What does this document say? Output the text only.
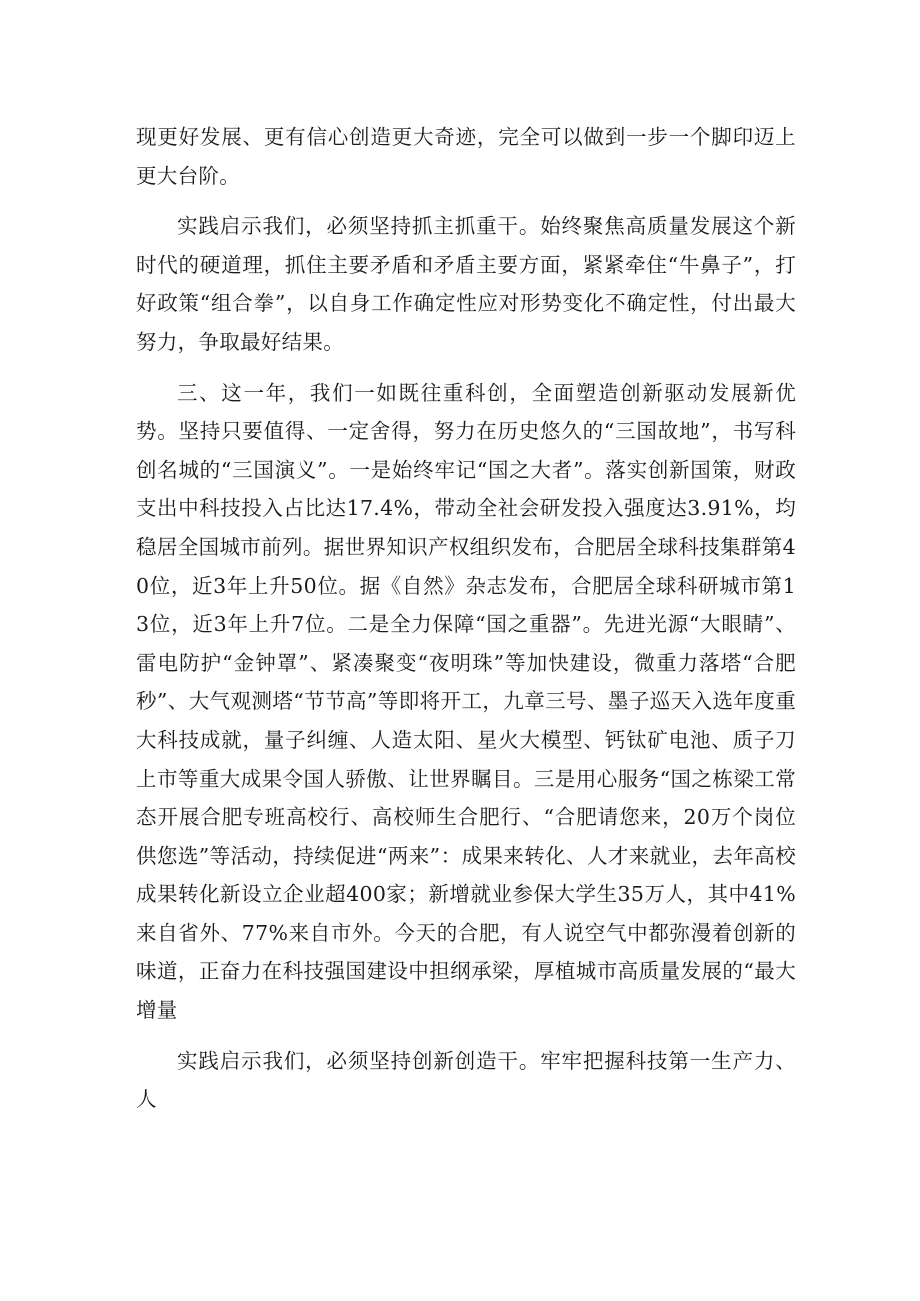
现更好发展、更有信心创造更大奇迹，完全可以做到一步一个脚印迈上更大台阶。

实践启示我们，必须坚持抓主抓重干。始终聚焦高质量发展这个新时代的硬道理，抓住主要矛盾和矛盾主要方面，紧紧牵住“牛鼻子”，打好政策“组合拳”，以自身工作确定性应对形势变化不确定性，付出最大努力，争取最好结果。

三、这一年，我们一如既往重科创，全面塑造创新驱动发展新优势。坚持只要值得、一定舍得，努力在历史悠久的“三国故地”，书写科创名城的“三国演义”。一是始终牢记“国之大者”。落实创新国策，财政支出中科技投入占比达17.4%，带动全社会研发投入强度达3.91%，均稳居全国城市前列。据世界知识产权组织发布，合肥居全球科技集群第40位，近3年上升50位。据《自然》杂志发布，合肥居全球科研城市第13位，近3年上升7位。二是全力保障“国之重器”。先进光源“大眼睛”、雷电防护“金钟罩”、紧凑聚变“夜明珠”等加快建设，微重力落塔“合肥秒”、大气观测塔“节节高”等即将开工，九章三号、墨子巡天入选年度重大科技成就，量子纠缠、人造太阳、星火大模型、钙钛矿电池、质子刀上市等重大成果令国人骄傲、让世界瞩目。三是用心服务“国之栋梁工常态开展合肥专班高校行、高校师生合肥行、“合肥请您来，20万个岗位供您选”等活动，持续促进“两来”：成果来转化、人才来就业，去年高校成果转化新设立企业超400家；新增就业参保大学生35万人，其中41%来自省外、77%来自市外。今天的合肥，有人说空气中都弥漫着创新的味道，正奋力在科技强国建设中担纲承梁，厚植城市高质量发展的“最大增量

实践启示我们，必须坚持创新创造干。牢牢把握科技第一生产力、人
